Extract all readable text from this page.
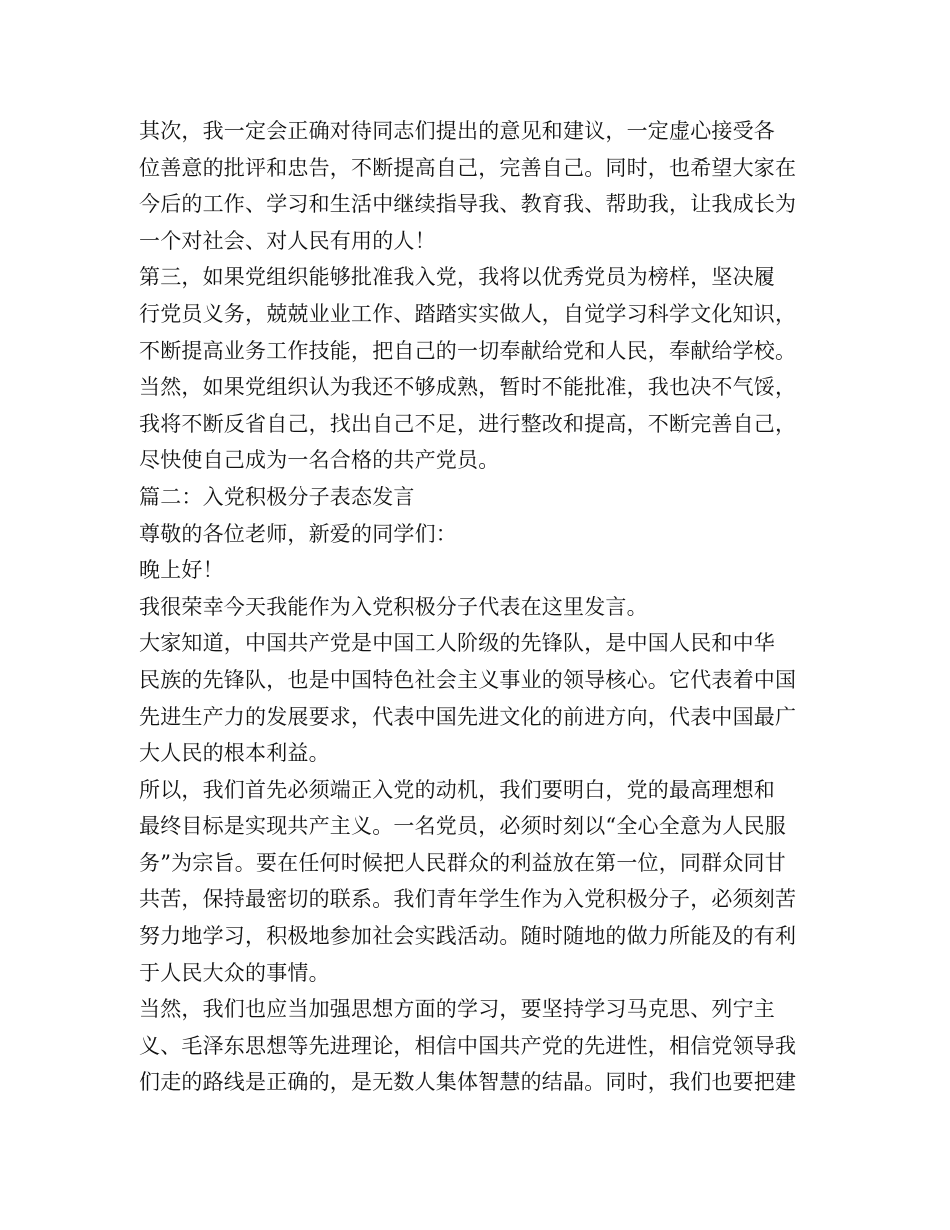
其次，我一定会正确对待同志们提出的意见和建议，一定虚心接受各
位善意的批评和忠告，不断提高自己，完善自己。同时，也希望大家在
今后的工作、学习和生活中继续指导我、教育我、帮助我，让我成长为
一个对社会、对人民有用的人！
第三，如果党组织能够批准我入党，我将以优秀党员为榜样，坚决履
行党员义务，兢兢业业工作、踏踏实实做人，自觉学习科学文化知识，
不断提高业务工作技能，把自己的一切奉献给党和人民，奉献给学校。
当然，如果党组织认为我还不够成熟，暂时不能批准，我也决不气馁，
我将不断反省自己，找出自己不足，进行整改和提高，不断完善自己，
尽快使自己成为一名合格的共产党员。
篇二：入党积极分子表态发言
尊敬的各位老师，新爱的同学们：
晚上好！
我很荣幸今天我能作为入党积极分子代表在这里发言。
大家知道，中国共产党是中国工人阶级的先锋队，是中国人民和中华
民族的先锋队，也是中国特色社会主义事业的领导核心。它代表着中国
先进生产力的发展要求，代表中国先进文化的前进方向，代表中国最广
大人民的根本利益。
所以，我们首先必须端正入党的动机，我们要明白，党的最高理想和
最终目标是实现共产主义。一名党员，必须时刻以“全心全意为人民服
务”为宗旨。要在任何时候把人民群众的利益放在第一位，同群众同甘
共苦，保持最密切的联系。我们青年学生作为入党积极分子，必须刻苦
努力地学习，积极地参加社会实践活动。随时随地的做力所能及的有利
于人民大众的事情。
当然，我们也应当加强思想方面的学习，要坚持学习马克思、列宁主
义、毛泽东思想等先进理论，相信中国共产党的先进性，相信党领导我
们走的路线是正确的，是无数人集体智慧的结晶。同时，我们也要把建
